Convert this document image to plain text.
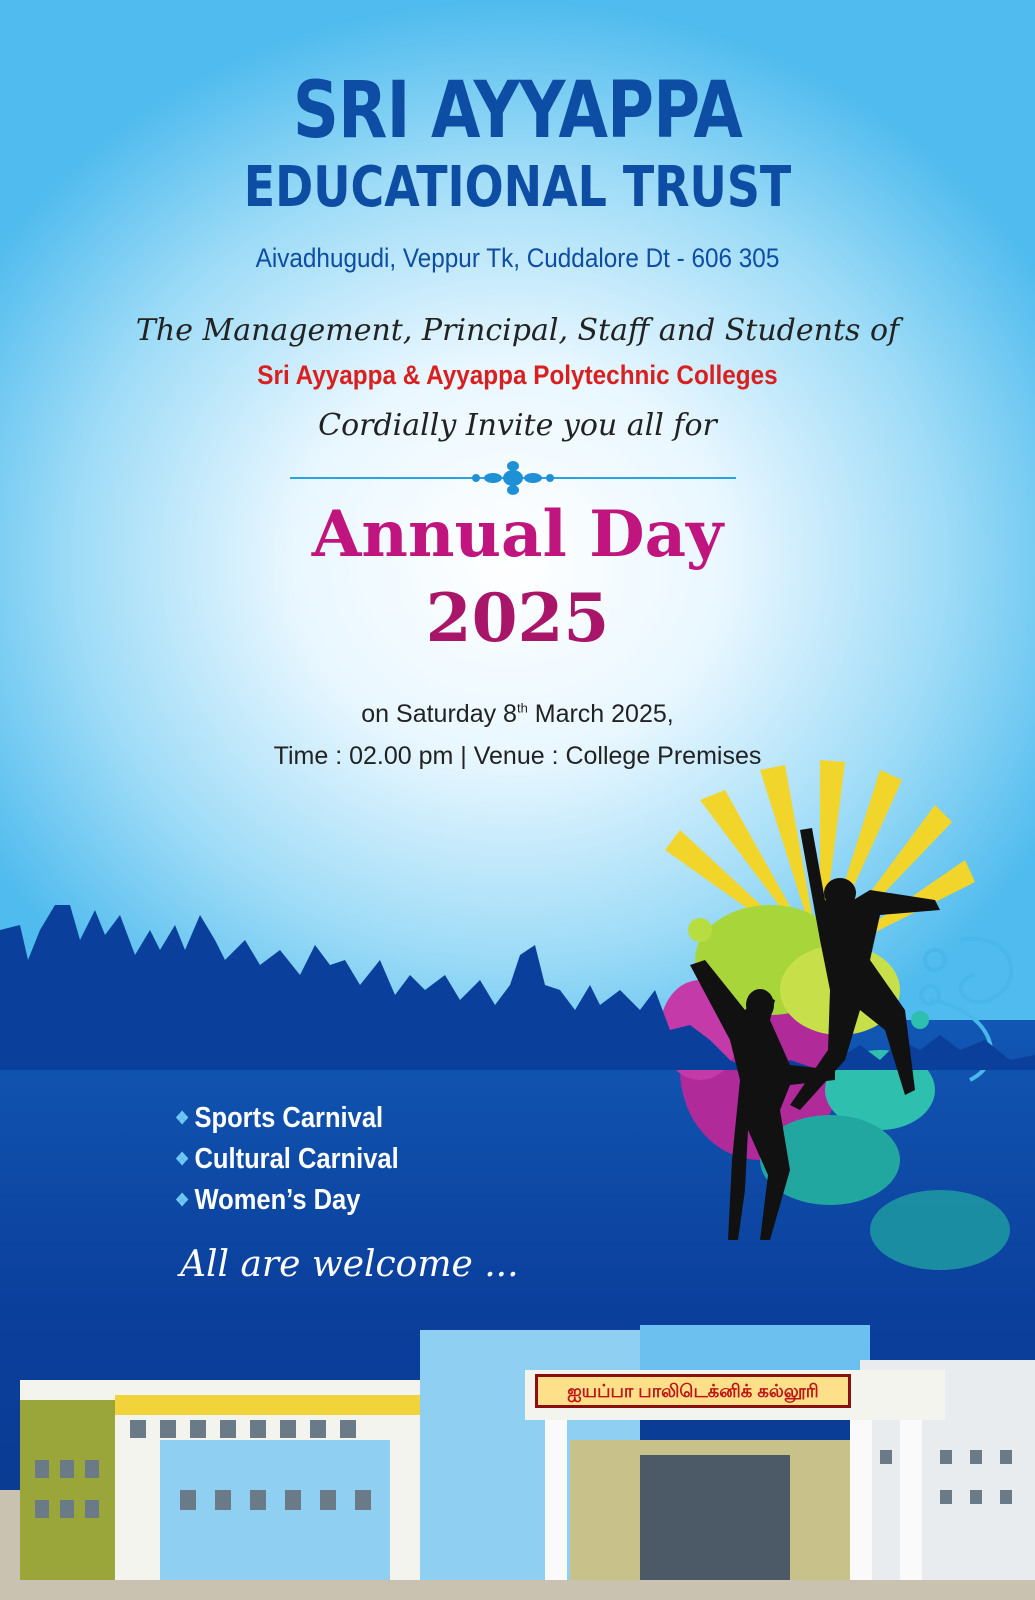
SRI AYYAPPA
EDUCATIONAL TRUST
Aivadhugudi, Veppur Tk, Cuddalore Dt - 606 305
The Management, Principal, Staff and Students of
Sri Ayyappa & Ayyappa Polytechnic Colleges
Cordially Invite you all for
Annual Day
2025
on Saturday 8th March 2025,
Time : 02.00 pm | Venue : College Premises
ஐயப்பா பாலிடெக்னிக் கல்லூரி
❖ Sports Carnival
❖ Cultural Carnival
❖ Women’s Day
All are welcome ...
